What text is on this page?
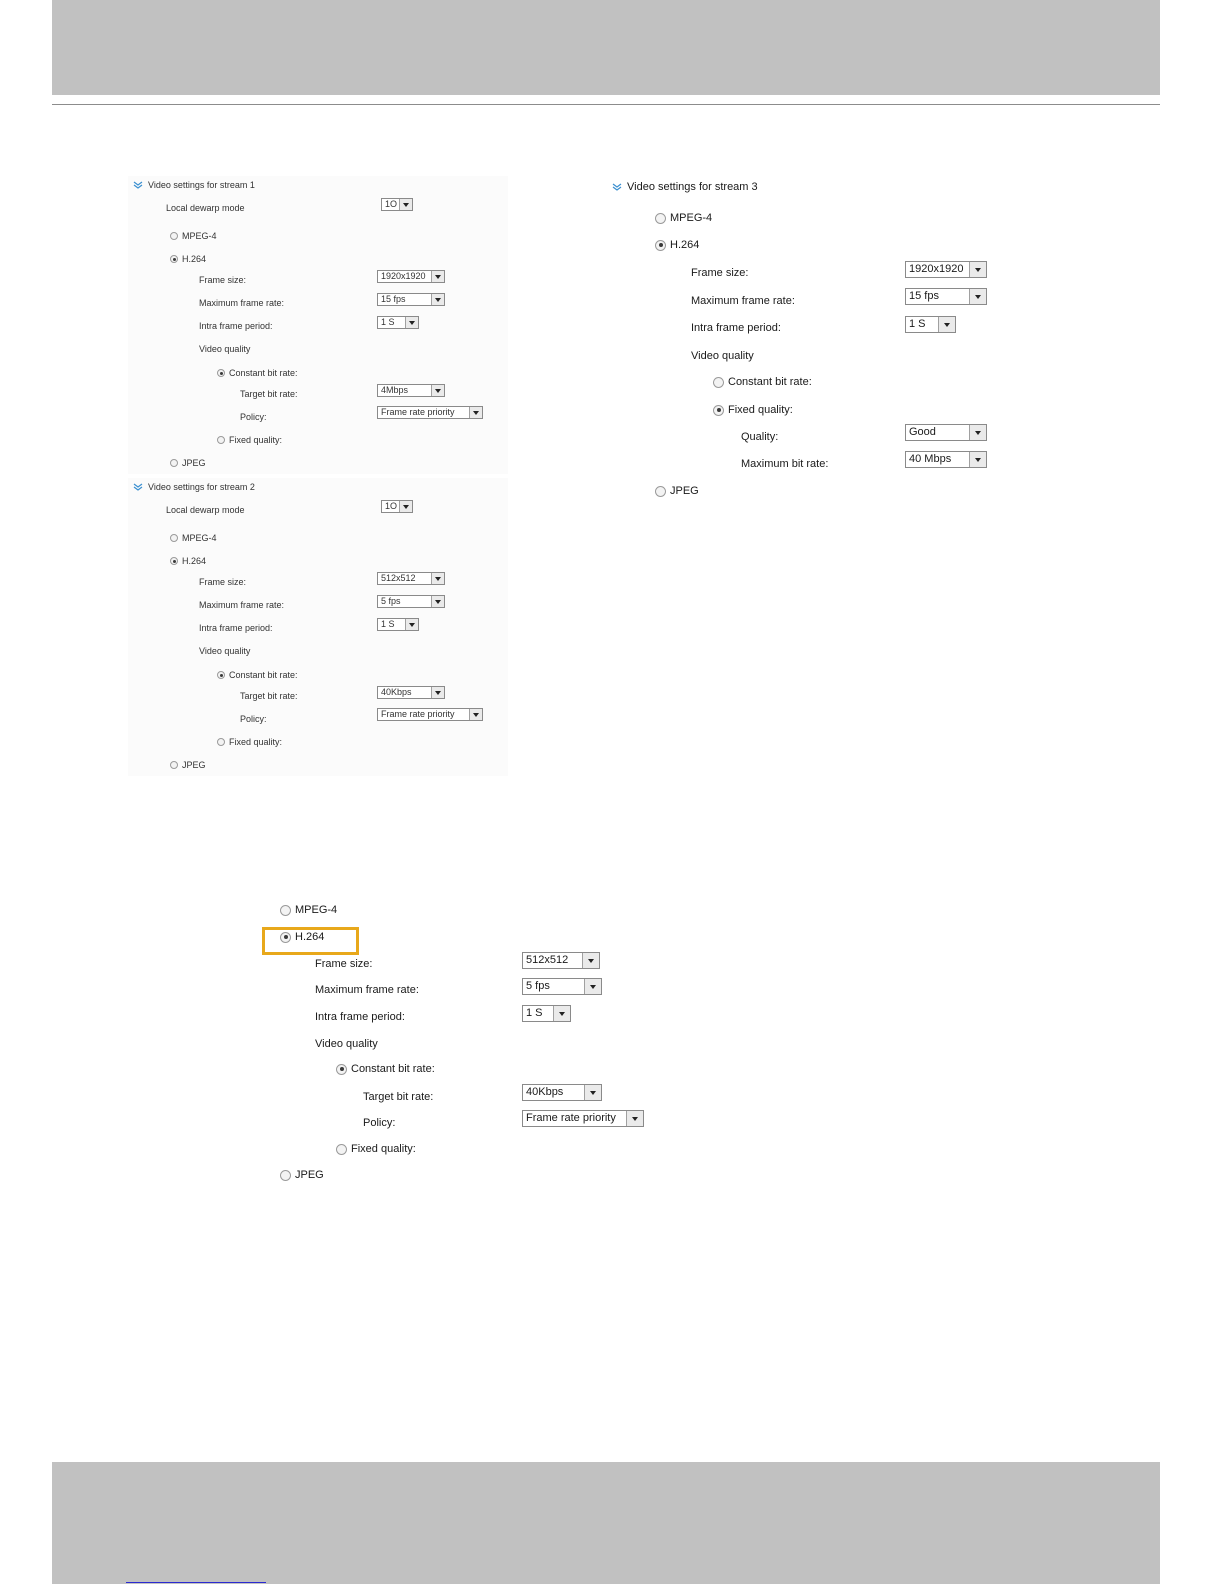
Video settings for stream 1
Local dewarp mode	1O
MPEG-4
H.264
Frame size:	1920x1920
Maximum frame rate:	15 fps
Intra frame period:	1 S
Video quality
Constant bit rate:
Target bit rate:	4Mbps
Policy:	Frame rate priority
Fixed quality:
JPEG
Video settings for stream 2
Local dewarp mode	1O
MPEG-4
H.264
Frame size:	512x512
Maximum frame rate:	5 fps
Intra frame period:	1 S
Video quality
Constant bit rate:
Target bit rate:	40Kbps
Policy:	Frame rate priority
Fixed quality:
JPEG
Video settings for stream 3
MPEG-4
H.264
Frame size:	1920x1920
Maximum frame rate:	15 fps
Intra frame period:	1 S
Video quality
Constant bit rate:
Fixed quality:
Quality:	Good
Maximum bit rate:	40 Mbps
JPEG
MPEG-4
H.264
Frame size:	512x512
Maximum frame rate:	5 fps
Intra frame period:	1 S
Video quality
Constant bit rate:
Target bit rate:	40Kbps
Policy:	Frame rate priority
Fixed quality:
JPEG
